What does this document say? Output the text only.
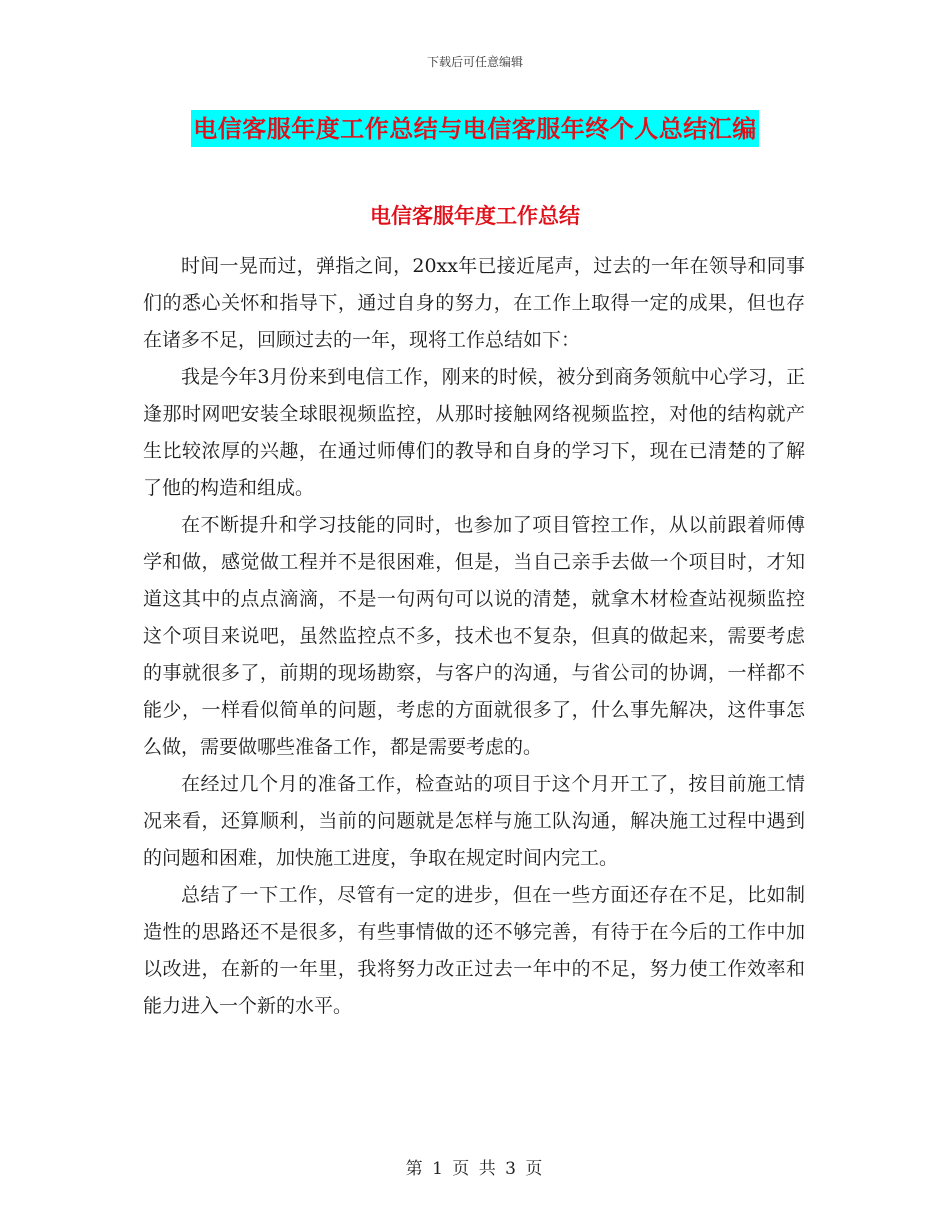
下载后可任意编辑
电信客服年度工作总结与电信客服年终个人总结汇编
电信客服年度工作总结

时间一晃而过，弹指之间，20xx年已接近尾声，过去的一年在领导和同事们的悉心关怀和指导下，通过自身的努力，在工作上取得一定的成果，但也存在诸多不足，回顾过去的一年，现将工作总结如下：

我是今年3月份来到电信工作，刚来的时候，被分到商务领航中心学习，正逢那时网吧安装全球眼视频监控，从那时接触网络视频监控，对他的结构就产生比较浓厚的兴趣，在通过师傅们的教导和自身的学习下，现在已清楚的了解了他的构造和组成。

在不断提升和学习技能的同时，也参加了项目管控工作，从以前跟着师傅学和做，感觉做工程并不是很困难，但是，当自己亲手去做一个项目时，才知道这其中的点点滴滴，不是一句两句可以说的清楚，就拿木材检查站视频监控这个项目来说吧，虽然监控点不多，技术也不复杂，但真的做起来，需要考虑的事就很多了，前期的现场勘察，与客户的沟通，与省公司的协调，一样都不能少，一样看似简单的问题，考虑的方面就很多了，什么事先解决，这件事怎么做，需要做哪些准备工作，都是需要考虑的。

在经过几个月的准备工作，检查站的项目于这个月开工了，按目前施工情况来看，还算顺利，当前的问题就是怎样与施工队沟通，解决施工过程中遇到的问题和困难，加快施工进度，争取在规定时间内完工。

总结了一下工作，尽管有一定的进步，但在一些方面还存在不足，比如制造性的思路还不是很多，有些事情做的还不够完善，有待于在今后的工作中加以改进，在新的一年里，我将努力改正过去一年中的不足，努力使工作效率和能力进入一个新的水平。

第 1 页 共 3 页
